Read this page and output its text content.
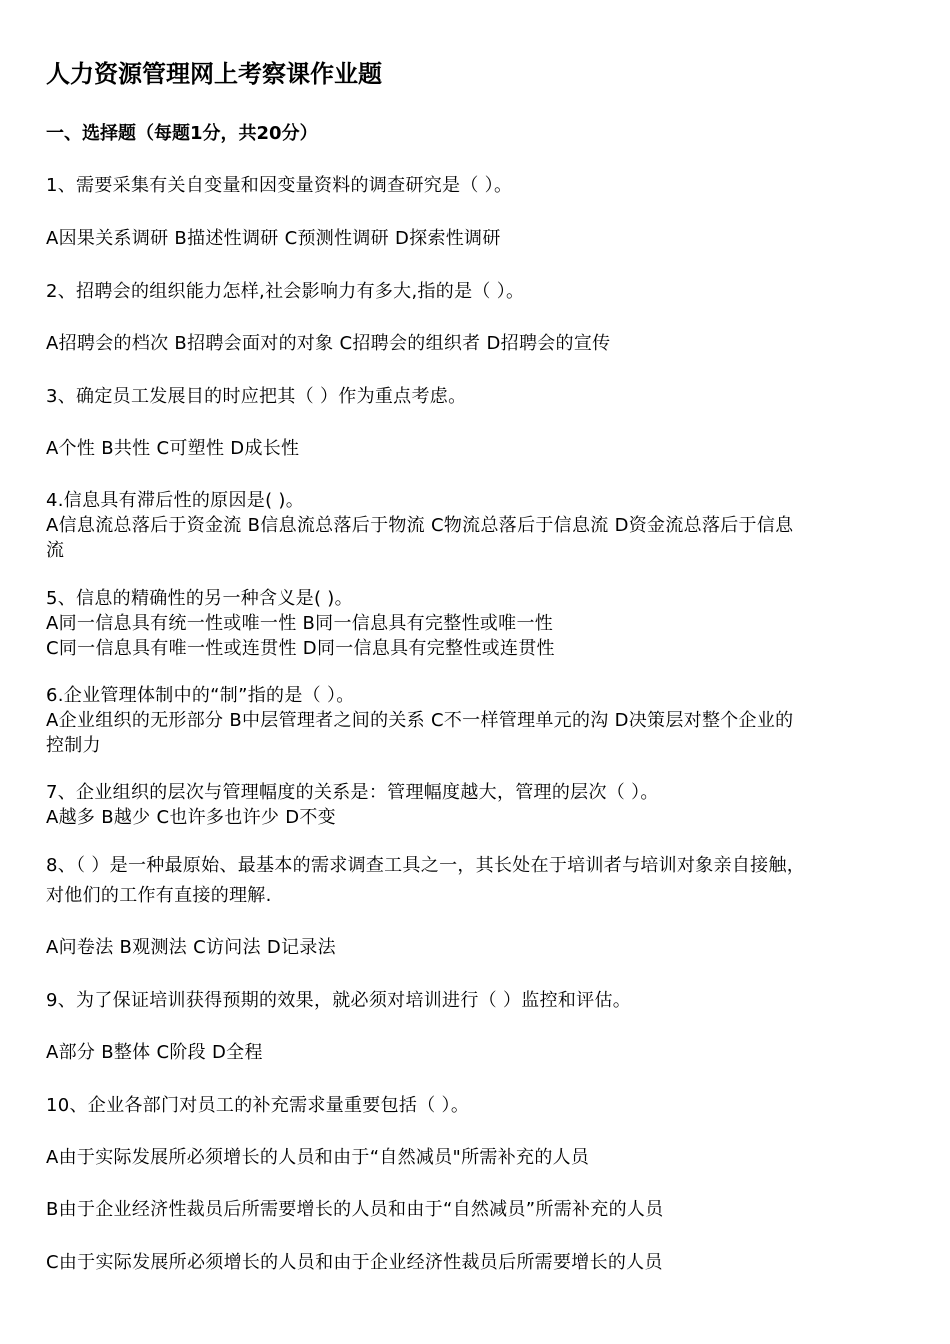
人力资源管理网上考察课作业题
一、选择题（每题1分，共20分）
1、需要采集有关自变量和因变量资料的调查研究是（ ）。
A因果关系调研 B描述性调研 C预测性调研 D探索性调研
2、招聘会的组织能力怎样,社会影响力有多大,指的是（ ）。
A招聘会的档次 B招聘会面对的对象 C招聘会的组织者 D招聘会的宣传
3、确定员工发展目的时应把其（ ）作为重点考虑。
A个性 B共性 C可塑性 D成长性
4.信息具有滞后性的原因是( )。
A信息流总落后于资金流 B信息流总落后于物流 C物流总落后于信息流 D资金流总落后于信息
流
5、信息的精确性的另一种含义是( )。
A同一信息具有统一性或唯一性 B同一信息具有完整性或唯一性
C同一信息具有唯一性或连贯性 D同一信息具有完整性或连贯性
6.企业管理体制中的“制”指的是（ ）。
A企业组织的无形部分 B中层管理者之间的关系 C不一样管理单元的沟 D决策层对整个企业的
控制力
7、企业组织的层次与管理幅度的关系是：管理幅度越大，管理的层次（ ）。
A越多 B越少 C也许多也许少 D不变
8、（ ）是一种最原始、最基本的需求调查工具之一，其长处在于培训者与培训对象亲自接触，
对他们的工作有直接的理解.
A问卷法 B观测法 C访问法 D记录法
9、为了保证培训获得预期的效果，就必须对培训进行（ ）监控和评估。
A部分 B整体 C阶段 D全程
10、企业各部门对员工的补充需求量重要包括（ ）。
A由于实际发展所必须增长的人员和由于“自然减员"所需补充的人员
B由于企业经济性裁员后所需要增长的人员和由于“自然减员”所需补充的人员
C由于实际发展所必须增长的人员和由于企业经济性裁员后所需要增长的人员
